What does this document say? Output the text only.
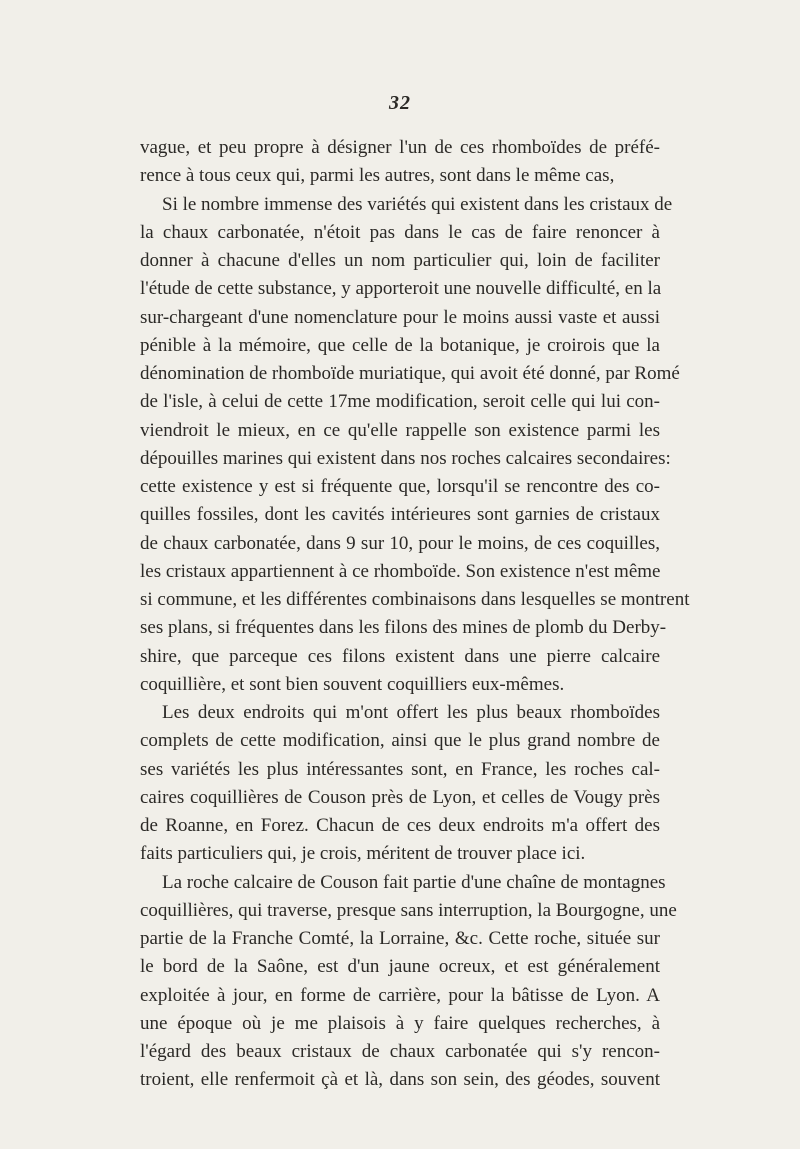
32
vague, et peu propre à désigner l'un de ces rhomboïdes de préfé-
rence à tous ceux qui, parmi les autres, sont dans le même cas,
Si le nombre immense des variétés qui existent dans les cristaux de
la chaux carbonatée, n'étoit pas dans le cas de faire renoncer à
donner à chacune d'elles un nom particulier qui, loin de faciliter
l'étude de cette substance, y apporteroit une nouvelle difficulté, en la
sur-chargeant d'une nomenclature pour le moins aussi vaste et aussi
pénible à la mémoire, que celle de la botanique, je croirois que la
dénomination de rhomboïde muriatique, qui avoit été donné, par Romé
de l'isle, à celui de cette 17me modification, seroit celle qui lui con-
viendroit le mieux, en ce qu'elle rappelle son existence parmi les
dépouilles marines qui existent dans nos roches calcaires secondaires:
cette existence y est si fréquente que, lorsqu'il se rencontre des co-
quilles fossiles, dont les cavités intérieures sont garnies de cristaux
de chaux carbonatée, dans 9 sur 10, pour le moins, de ces coquilles,
les cristaux appartiennent à ce rhomboïde. Son existence n'est même
si commune, et les différentes combinaisons dans lesquelles se montrent
ses plans, si fréquentes dans les filons des mines de plomb du Derby-
shire, que parceque ces filons existent dans une pierre calcaire
coquillière, et sont bien souvent coquilliers eux-mêmes.
Les deux endroits qui m'ont offert les plus beaux rhomboïdes
complets de cette modification, ainsi que le plus grand nombre de
ses variétés les plus intéressantes sont, en France, les roches cal-
caires coquillières de Couson près de Lyon, et celles de Vougy près
de Roanne, en Forez. Chacun de ces deux endroits m'a offert des
faits particuliers qui, je crois, méritent de trouver place ici.
La roche calcaire de Couson fait partie d'une chaîne de montagnes
coquillières, qui traverse, presque sans interruption, la Bourgogne, une
partie de la Franche Comté, la Lorraine, &c. Cette roche, située sur
le bord de la Saône, est d'un jaune ocreux, et est généralement
exploitée à jour, en forme de carrière, pour la bâtisse de Lyon. A
une époque où je me plaisois à y faire quelques recherches, à
l'égard des beaux cristaux de chaux carbonatée qui s'y rencon-
troient, elle renfermoit çà et là, dans son sein, des géodes, souvent
